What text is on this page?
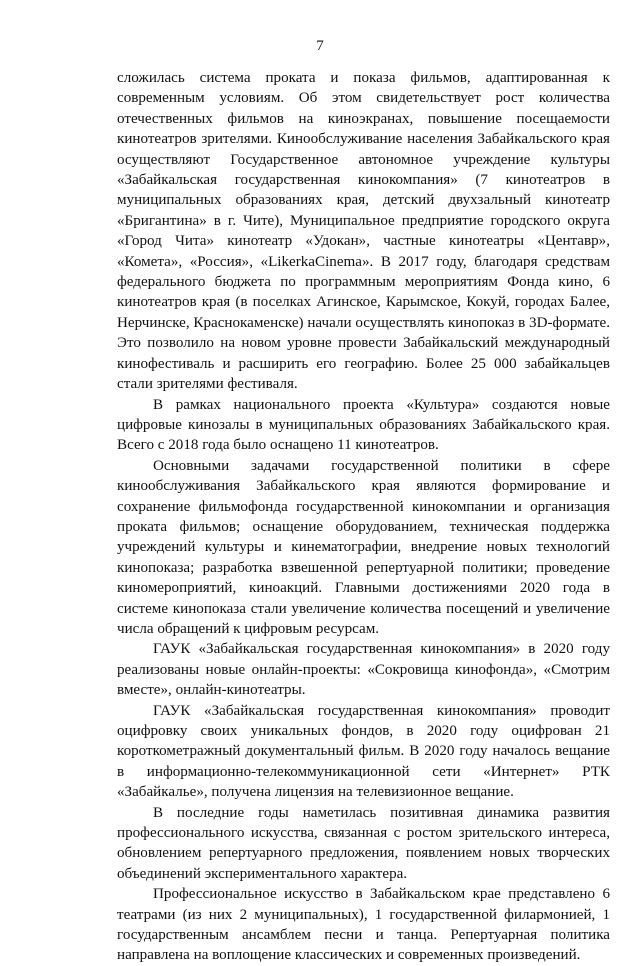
7

сложилась система проката и показа фильмов, адаптированная к современным условиям. Об этом свидетельствует рост количества отечественных фильмов на киноэкранах, повышение посещаемости кинотеатров зрителями. Кинообслуживание населения Забайкальского края осуществляют Государственное автономное учреждение культуры «Забайкальская государственная кинокомпания» (7 кинотеатров в муниципальных образованиях края, детский двухзальный кинотеатр «Бригантина» в г. Чите), Муниципальное предприятие городского округа «Город Чита» кинотеатр «Удокан», частные кинотеатры «Центавр», «Комета», «Россия», «LikerkaCinema». В 2017 году, благодаря средствам федерального бюджета по программным мероприятиям Фонда кино, 6 кинотеатров края (в поселках Агинское, Карымское, Кокуй, городах Балее, Нерчинске, Краснокаменске) начали осуществлять кинопоказ в 3D-формате. Это позволило на новом уровне провести Забайкальский международный кинофестиваль и расширить его географию. Более 25 000 забайкальцев стали зрителями фестиваля.

В рамках национального проекта «Культура» создаются новые цифровые кинозалы в муниципальных образованиях Забайкальского края. Всего с 2018 года было оснащено 11 кинотеатров.

Основными задачами государственной политики в сфере кинообслуживания Забайкальского края являются формирование и сохранение фильмофонда государственной кинокомпании и организация проката фильмов; оснащение оборудованием, техническая поддержка учреждений культуры и кинематографии, внедрение новых технологий кинопоказа; разработка взвешенной репертуарной политики; проведение киномероприятий, киноакций. Главными достижениями 2020 года в системе кинопоказа стали увеличение количества посещений и увеличение числа обращений к цифровым ресурсам.

ГАУК «Забайкальская государственная кинокомпания» в 2020 году реализованы новые онлайн-проекты: «Сокровища кинофонда», «Смотрим вместе», онлайн-кинотеатры.

ГАУК «Забайкальская государственная кинокомпания» проводит оцифровку своих уникальных фондов, в 2020 году оцифрован 21 короткометражный документальный фильм. В 2020 году началось вещание в информационно-телекоммуникационной сети «Интернет» РТК «Забайкалье», получена лицензия на телевизионное вещание.

В последние годы наметилась позитивная динамика развития профессионального искусства, связанная с ростом зрительского интереса, обновлением репертуарного предложения, появлением новых творческих объединений экспериментального характера.

Профессиональное искусство в Забайкальском крае представлено 6 театрами (из них 2 муниципальных), 1 государственной филармонией, 1 государственным ансамблем песни и танца. Репертуарная политика направлена на воплощение классических и современных произведений.
